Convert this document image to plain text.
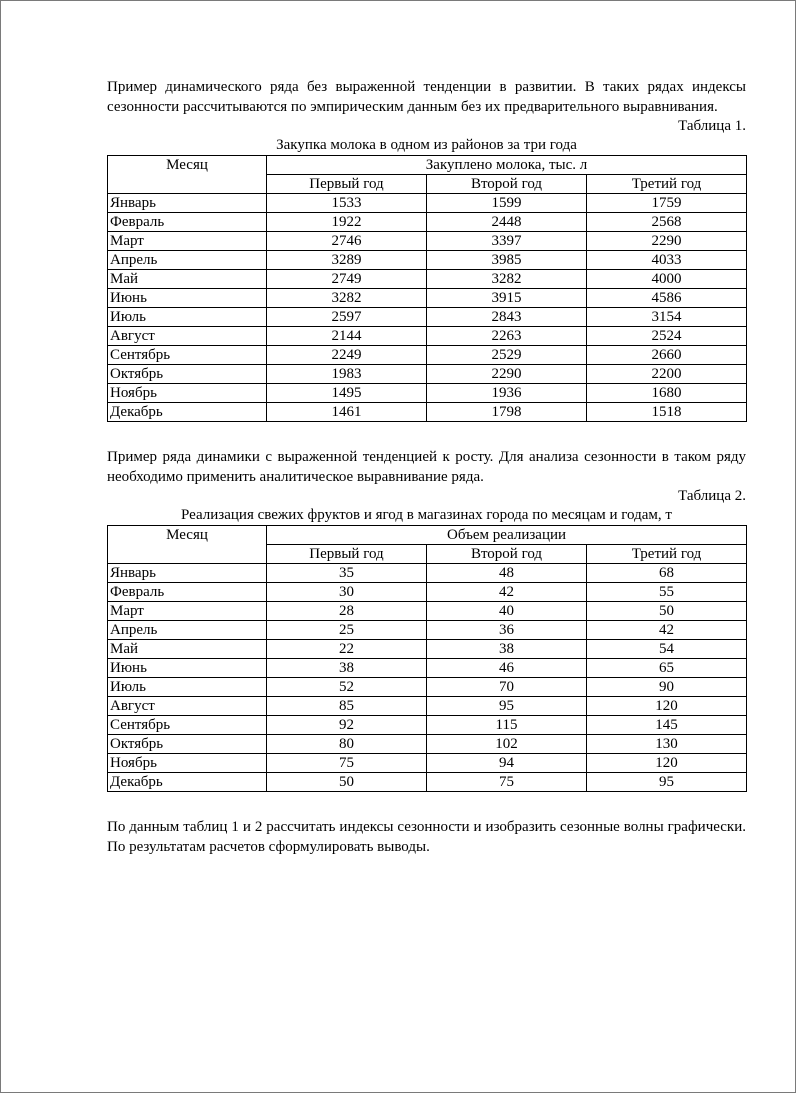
Пример динамического ряда без выраженной тенденции в развитии. В таких рядах индексы сезонности рассчитываются по эмпирическим данным без их предварительного выравнивания.

Таблица 1.

Закупка молока в одном из районов за три года

Месяц	Закуплено молока, тыс. л		
	Первый год	Второй год	Третий год
Январь	1533	1599	1759
Февраль	1922	2448	2568
Март	2746	3397	2290
Апрель	3289	3985	4033
Май	2749	3282	4000
Июнь	3282	3915	4586
Июль	2597	2843	3154
Август	2144	2263	2524
Сентябрь	2249	2529	2660
Октябрь	1983	2290	2200
Ноябрь	1495	1936	1680
Декабрь	1461	1798	1518

Пример ряда динамики с выраженной тенденцией к росту. Для анализа сезонности в таком ряду необходимо применить аналитическое выравнивание ряда.

Таблица 2.

Реализация свежих фруктов и ягод в магазинах города по месяцам и годам, т

Месяц	Объем реализации		
	Первый год	Второй год	Третий год
Январь	35	48	68
Февраль	30	42	55
Март	28	40	50
Апрель	25	36	42
Май	22	38	54
Июнь	38	46	65
Июль	52	70	90
Август	85	95	120
Сентябрь	92	115	145
Октябрь	80	102	130
Ноябрь	75	94	120
Декабрь	50	75	95

По данным таблиц 1 и 2 рассчитать индексы сезонности и изобразить сезонные волны графически. По результатам расчетов сформулировать выводы.
